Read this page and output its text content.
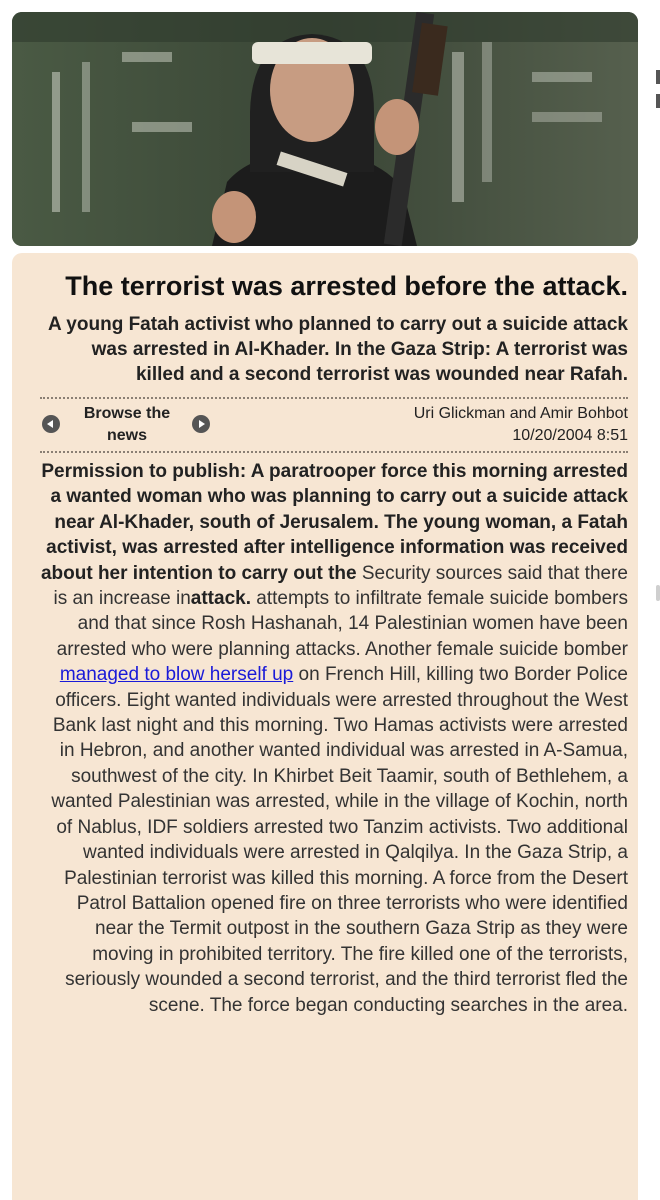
The terrorist was arrested before the attack.

A young Fatah activist who planned to carry out a suicide attack was arrested in Al-Khader. In the Gaza Strip: A terrorist was killed and a second terrorist was wounded near Rafah.

Browse the news
Uri Glickman and Amir Bohbot
10/20/2004 8:51
Permission to publish: A paratrooper force this morning arrested a wanted woman who was planning to carry out a suicide attack near Al-Khader, south of Jerusalem. The young woman, a Fatah activist, was arrested after intelligence information was received about her intention to carry out the Security sources said that there is an increase inattack. attempts to infiltrate female suicide bombers and that since Rosh Hashanah, 14 Palestinian women have been arrested who were planning attacks. Another female suicide bomber managed to blow herself up on French Hill, killing two Border Police officers. Eight wanted individuals were arrested throughout the West Bank last night and this morning. Two Hamas activists were arrested in Hebron, and another wanted individual was arrested in A-Samua, southwest of the city. In Khirbet Beit Taamir, south of Bethlehem, a wanted Palestinian was arrested, while in the village of Kochin, north of Nablus, IDF soldiers arrested two Tanzim activists. Two additional wanted individuals were arrested in Qalqilya. In the Gaza Strip, a Palestinian terrorist was killed this morning. A force from the Desert Patrol Battalion opened fire on three terrorists who were identified near the Termit outpost in the southern Gaza Strip as they were moving in prohibited territory. The fire killed one of the terrorists, seriously wounded a second terrorist, and the third terrorist fled the scene. The force began conducting searches in the area.
